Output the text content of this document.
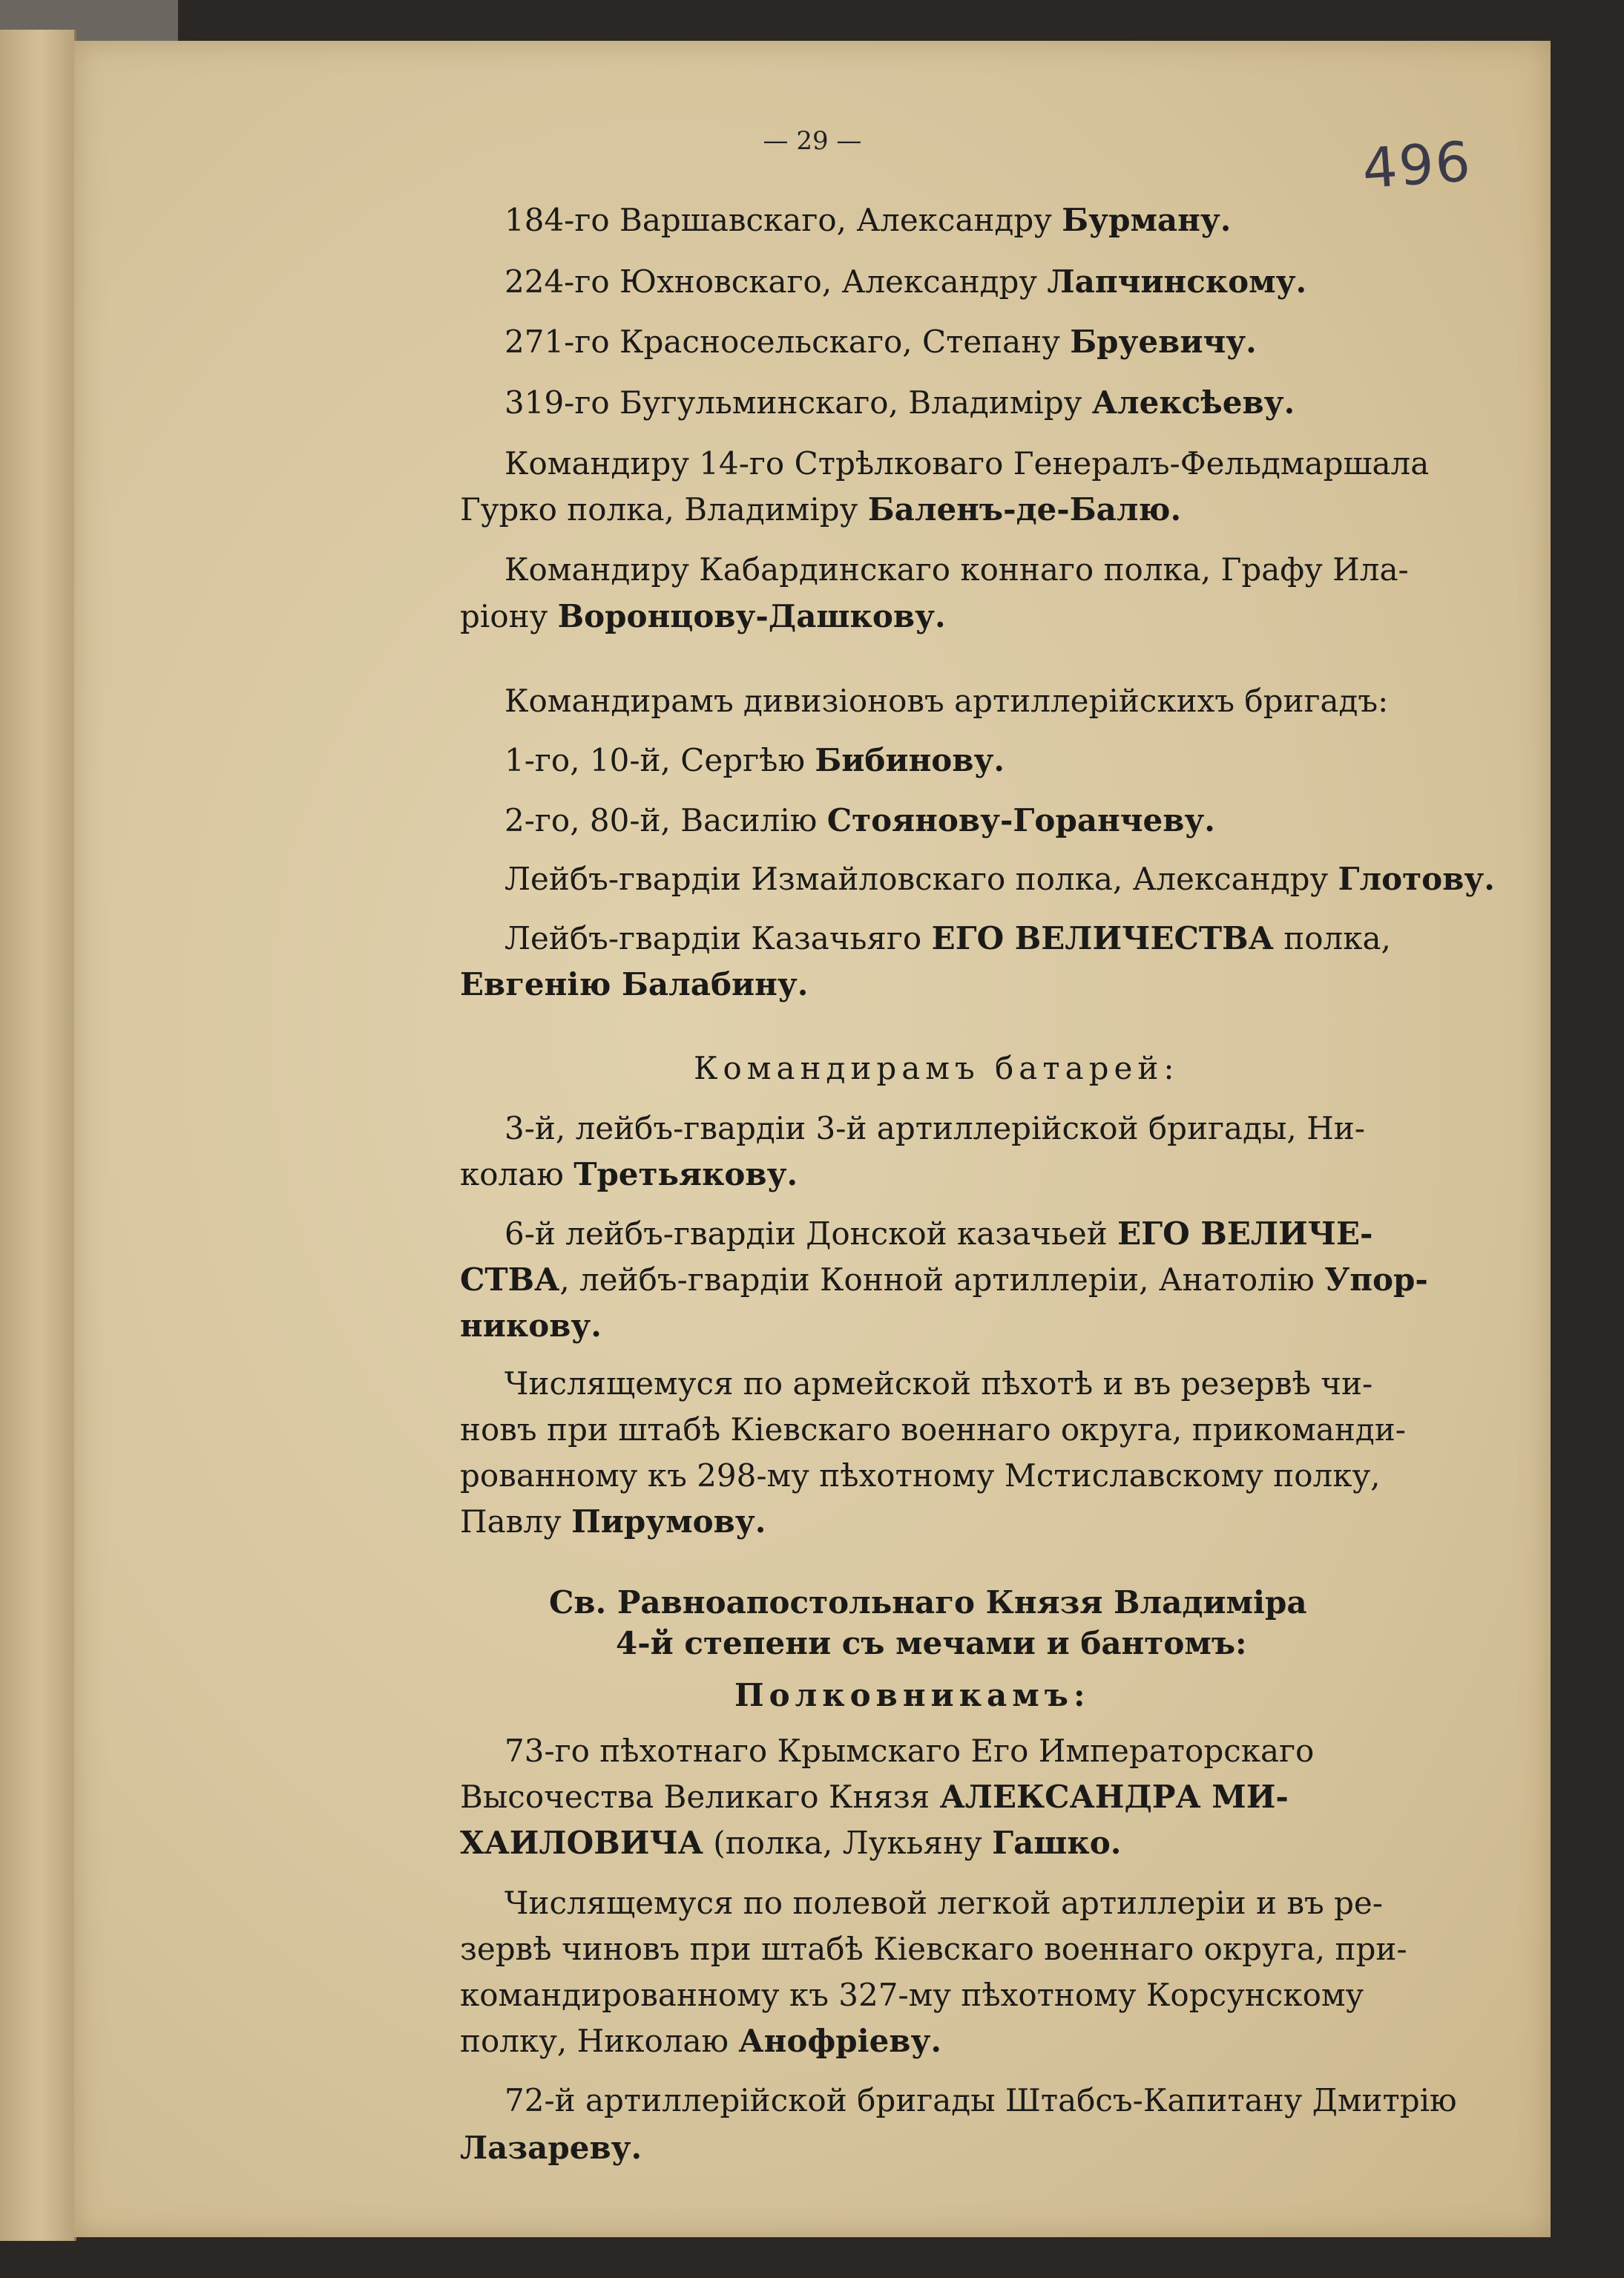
— 29 —	496
184-го Варшавскаго, Александру Бурману.
224-го Юхновскаго, Александру Лапчинскому.
271-го Красносельскаго, Степану Бруевичу.
319-го Бугульминскаго, Владиміру Алексѣеву.
Командиру 14-го Стрѣлковаго Генералъ-Фельдмаршала
Гурко полка, Владиміру Баленъ-де-Балю.
Командиру Кабардинскаго коннаго полка, Графу Ила-
ріону Воронцову-Дашкову.
Командирамъ дивизіоновъ артиллерійскихъ бригадъ:
1-го, 10-й, Сергѣю Бибинову.
2-го, 80-й, Василію Стоянову-Горанчеву.
Лейбъ-гвардіи Измайловскаго полка, Александру Глотову.
Лейбъ-гвардіи Казачьяго ЕГО ВЕЛИЧЕСТВА полка,
Евгенію Балабину.
Командирамъ батарей:
3-й, лейбъ-гвардіи 3-й артиллерійской бригады, Ни-
колаю Третьякову.
6-й лейбъ-гвардіи Донской казачьей ЕГО ВЕЛИЧЕ-
СТВА, лейбъ-гвардіи Конной артиллеріи, Анатолію Упор-
никову.
Числящемуся по армейской пѣхотѣ и въ резервѣ чи-
новъ при штабѣ Кіевскаго военнаго округа, прикоманди-
рованному къ 298-му пѣхотному Мстиславскому полку,
Павлу Пирумову.
Св. Равноапостольнаго Князя Владиміра
4-й степени съ мечами и бантомъ:
Полковникамъ:
73-го пѣхотнаго Крымскаго Его Императорскаго
Высочества Великаго Князя АЛЕКСАНДРА МИ-
ХАИЛОВИЧА (полка, Лукьяну Гашко.
Числящемуся по полевой легкой артиллеріи и въ ре-
зервѣ чиновъ при штабѣ Кіевскаго военнаго округа, при-
командированному къ 327-му пѣхотному Корсунскому
полку, Николаю Анофріеву.
72-й артиллерійской бригады Штабсъ-Капитану Дмитрію
Лазареву.
